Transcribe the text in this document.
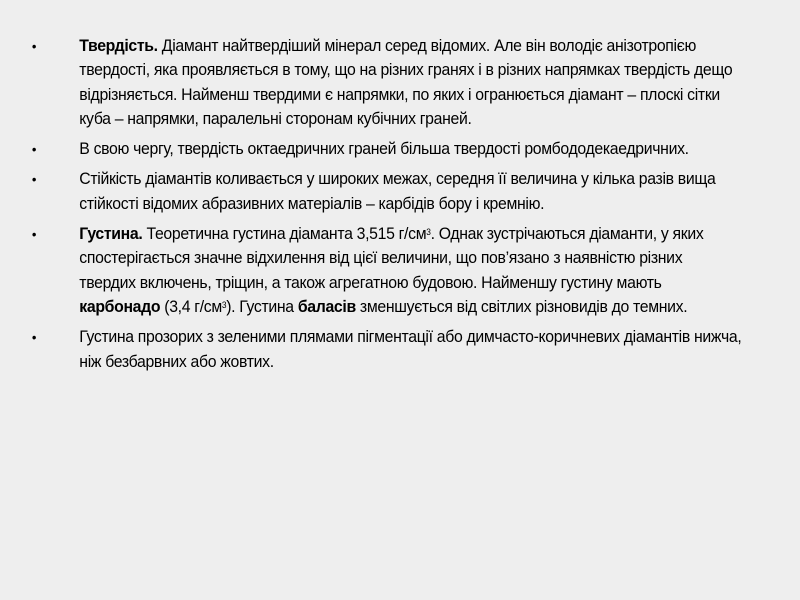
•	Твердість. Діамант найтвердіший мінерал серед відомих. Але він володіє анізотропією твердості, яка проявляється в тому, що на різних гранях і в різних напрямках твердість дещо відрізняється. Найменш твердими є напрямки, по яких і огранюється діамант – плоскі сітки куба – напрямки, паралельні сторонам кубічних граней.
•	В свою чергу, твердість октаедричних граней більша твердості ромбододекаедричних.
•	Стійкість діамантів коливається у широких межах, середня її величина у кілька разів вища стійкості відомих абразивних матеріалів – карбідів бору і кремнію.
•	Густина. Теоретична густина діаманта 3,515 $г/см^3$. Однак зустрічаються діаманти, у яких спостерігається значне відхилення від цієї величини, що пов’язано з наявністю різних твердих включень, тріщин, а також агрегатною будовою. Найменшу густину мають карбонадо (3,4 $г/см^3$). Густина баласів зменшується від світлих різновидів до темних.
•	Густина прозорих з зеленими плямами пігментації або димчасто-коричневих діамантів нижча, ніж безбарвних або жовтих.
